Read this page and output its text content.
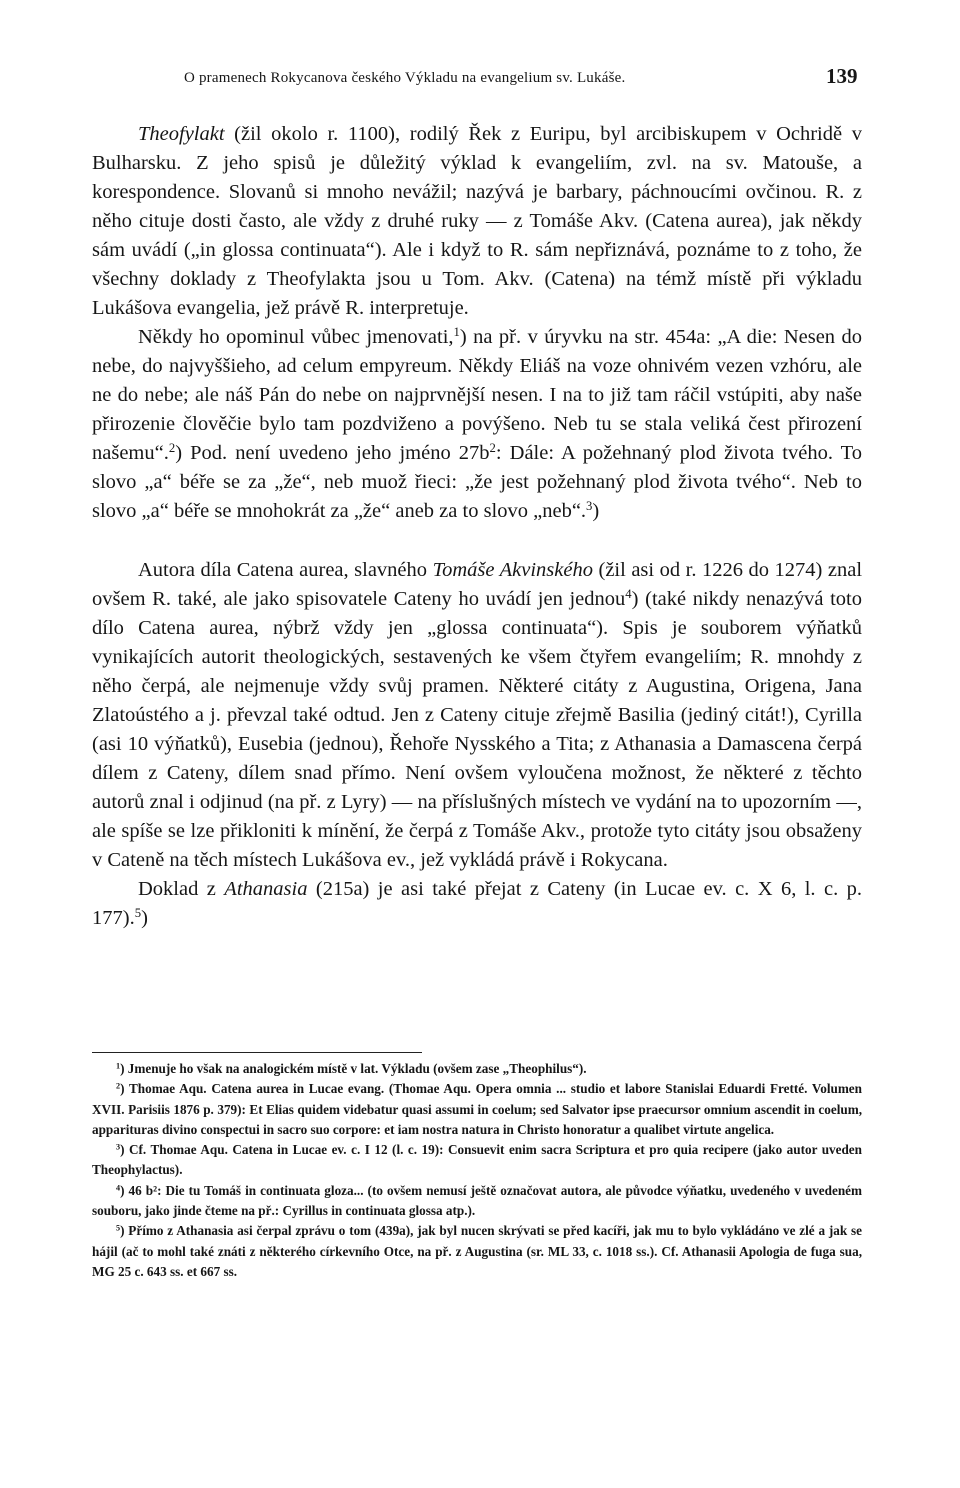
O pramenech Rokycanova českého Výkladu na evangelium sv. Lukáše.	139

Theofylakt (žil okolo r. 1100), rodilý Řek z Euripu, byl arcibiskupem v Ochridě v Bulharsku. Z jeho spisů je důležitý výklad k evangeliím, zvl. na sv. Matouše, a korespondence. Slovanů si mnoho nevážil; nazývá je barbary, páchnoucími ovčinou. R. z něho cituje dosti často, ale vždy z druhé ruky — z Tomáše Akv. (Catena aurea), jak někdy sám uvádí („in glossa continuata“). Ale i když to R. sám nepřiznává, poznáme to z toho, že všechny doklady z Theofylakta jsou u Tom. Akv. (Catena) na témž místě při výkladu Lukášova evangelia, jež právě R. interpretuje.

Někdy ho opominul vůbec jmenovati,$^1$) na př. v úryvku na str. 454a: „A die: Nesen do nebe, do najvyššieho, ad celum empyreum. Někdy Eliáš na voze ohnivém vezen vzhóru, ale ne do nebe; ale náš Pán do nebe on najprvnější nesen. I na to již tam ráčil vstúpiti, aby naše přirozenie člověčie bylo tam pozdviženo a povýšeno. Neb tu se stala veliká čest přirození našemu“.$^2$) Pod. není uvedeno jeho jméno $27b^2$: Dále: A požehnaný plod života tvého. To slovo „a“ béře se za „že“, neb muož řieci: „že jest požehnaný plod života tvého“. Neb to slovo „a“ béře se mnohokrát za „že“ aneb za to slovo „neb“.$^3$)

Autora díla Catena aurea, slavného Tomáše Akvinského (žil asi od r. 1226 do 1274) znal ovšem R. také, ale jako spisovatele Cateny ho uvádí jen jednou$^4$) (také nikdy nenazývá toto dílo Catena aurea, nýbrž vždy jen „glossa continuata“). Spis je souborem výňatků vynikajících autorit theologických, sestavených ke všem čtyřem evangeliím; R. mnohdy z něho čerpá, ale nejmenuje vždy svůj pramen. Některé citáty z Augustina, Origena, Jana Zlatoústého a j. převzal také odtud. Jen z Cateny cituje zřejmě Basilia (jediný citát!), Cyrilla (asi 10 výňatků), Eusebia (jednou), Řehoře Nysského a Tita; z Athanasia a Damascena čerpá dílem z Cateny, dílem snad přímo. Není ovšem vyloučena možnost, že některé z těchto autorů znal i odjinud (na př. z Lyry) — na příslušných místech ve vydání na to upozorním —, ale spíše se lze přikloniti k mínění, že čerpá z Tomáše Akv., protože tyto citáty jsou obsaženy v Cateně na těch místech Lukášova ev., jež vykládá právě i Rokycana.

Doklad z Athanasia (215a) je asi také přejat z Cateny (in Lucae ev. c. X 6, l. c. p. 177).$^5$)

$^1$) Jmenuje ho však na analogickém místě v lat. Výkladu (ovšem zase „Theophilus“).

$^2$) Thomae Aqu. Catena aurea in Lucae evang. (Thomae Aqu. Opera omnia ... studio et labore Stanislai Eduardi Fretté. Volumen XVII. Parisiis 1876 p. 379): Et Elias quidem videbatur quasi assumi in coelum; sed Salvator ipse praecursor omnium ascendit in coelum, apparituras divino conspectui in sacro suo corpore: et iam nostra natura in Christo honoratur a qualibet virtute angelica.

$^3$) Cf. Thomae Aqu. Catena in Lucae ev. c. I 12 (l. c. 19): Consuevit enim sacra Scriptura et pro quia recipere (jako autor uveden Theophylactus).

$^4$) 46 b²: Die tu Tomáš in continuata gloza... (to ovšem nemusí ještě označovat autora, ale původce výňatku, uvedeného v uvedeném souboru, jako jinde čteme na př.: Cyrillus in continuata glossa atp.).

$^5$) Přímo z Athanasia asi čerpal zprávu o tom (439a), jak byl nucen skrývati se před kacíři, jak mu to bylo vykládáno ve zlé a jak se hájil (ač to mohl také znáti z některého církevního Otce, na př. z Augustina (sr. ML 33, c. 1018 ss.). Cf. Athanasii Apologia de fuga sua, MG 25 c. 643 ss. et 667 ss.
